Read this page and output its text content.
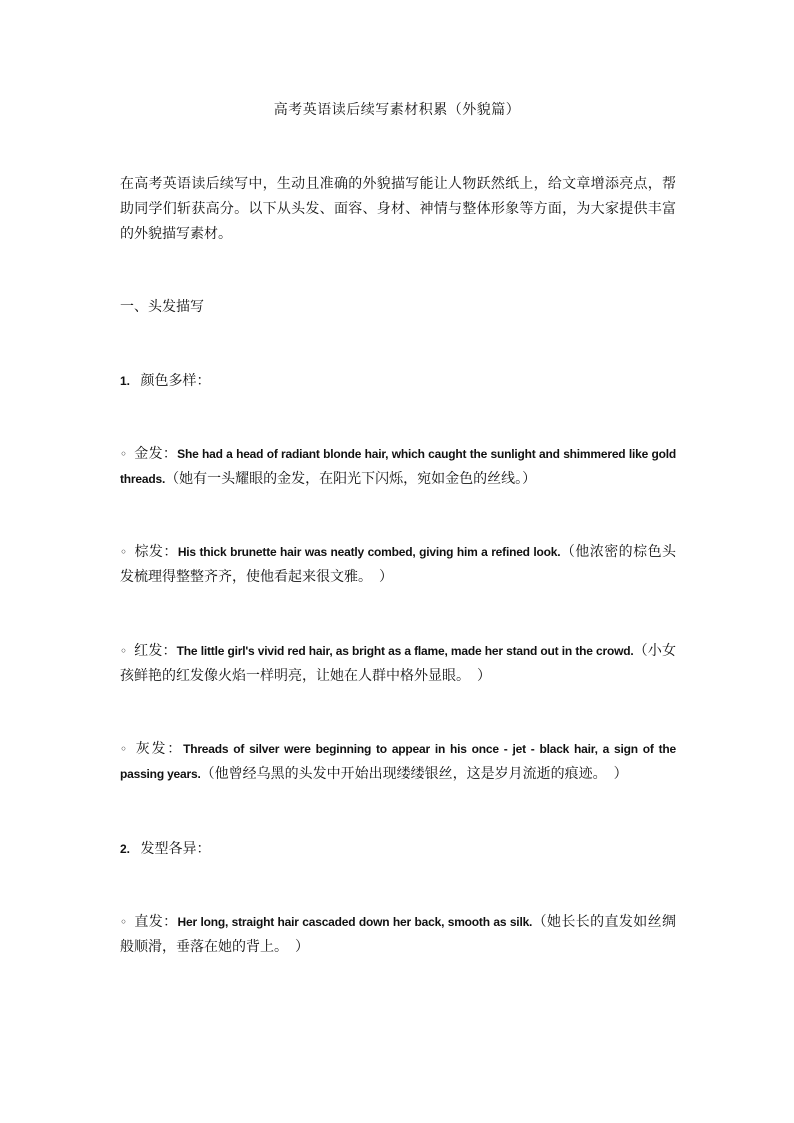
高考英语读后续写素材积累（外貌篇）

在高考英语读后续写中，生动且准确的外貌描写能让人物跃然纸上，给文章增添亮点，帮助同学们斩获高分。以下从头发、面容、身材、神情与整体形象等方面，为大家提供丰富的外貌描写素材。

一、头发描写
1. 颜色多样：

◦ 金发：She had a head of radiant blonde hair, which caught the sunlight and shimmered like gold threads.（她有一头耀眼的金发，在阳光下闪烁，宛如金色的丝线。）

◦ 棕发：His thick brunette hair was neatly combed, giving him a refined look.（他浓密的棕色头发梳理得整整齐齐，使他看起来很文雅。　）

◦ 红发：The little girl's vivid red hair, as bright as a flame, made her stand out in the crowd.（小女孩鲜艳的红发像火焰一样明亮，让她在人群中格外显眼。　）

◦ 灰发：Threads of silver were beginning to appear in his once - jet - black hair, a sign of the passing years.（他曾经乌黑的头发中开始出现缕缕银丝，这是岁月流逝的痕迹。　）

2. 发型各异：

◦ 直发：Her long, straight hair cascaded down her back, smooth as silk.（她长长的直发如丝绸般顺滑，垂落在她的背上。　）
